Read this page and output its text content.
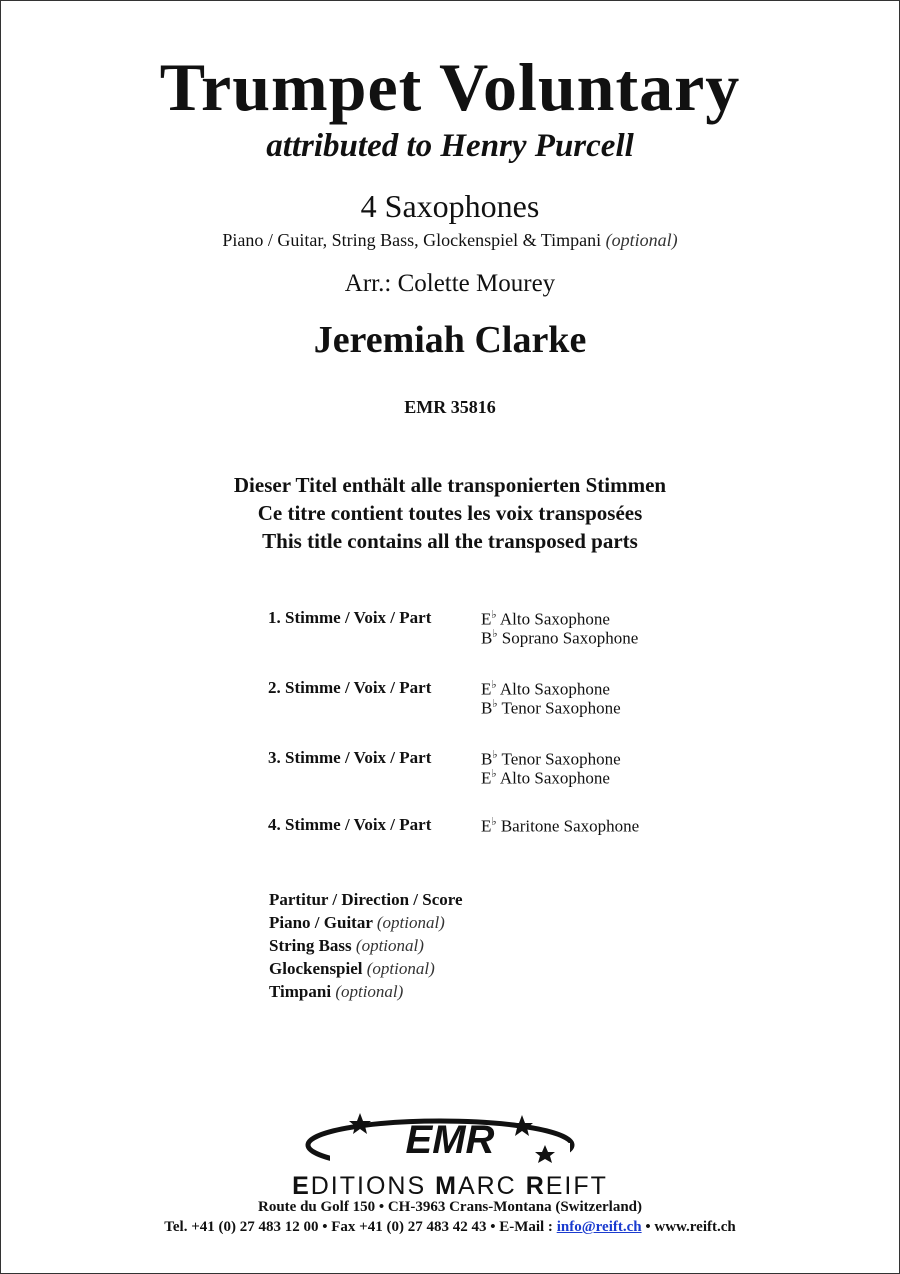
Trumpet Voluntary
attributed to Henry Purcell
4 Saxophones
Piano / Guitar, String Bass, Glockenspiel & Timpani (optional)
Arr.: Colette Mourey
Jeremiah Clarke
EMR 35816
Dieser Titel enthält alle transponierten Stimmen
Ce titre contient toutes les voix transposées
This title contains all the transposed parts
1. Stimme / Voix / Part	E♭ Alto Saxophone
B♭ Soprano Saxophone
2. Stimme / Voix / Part	E♭ Alto Saxophone
B♭ Tenor Saxophone
3. Stimme / Voix / Part	B♭ Tenor Saxophone
E♭ Alto Saxophone
4. Stimme / Voix / Part	E♭ Baritone Saxophone
Partitur / Direction / Score
Piano / Guitar (optional)
String Bass (optional)
Glockenspiel (optional)
Timpani (optional)
EMR
EDITIONS MARC REIFT
Route du Golf 150 • CH-3963 Crans-Montana (Switzerland)
Tel. +41 (0) 27 483 12 00 • Fax +41 (0) 27 483 42 43 • E-Mail : info@reift.ch • www.reift.ch
